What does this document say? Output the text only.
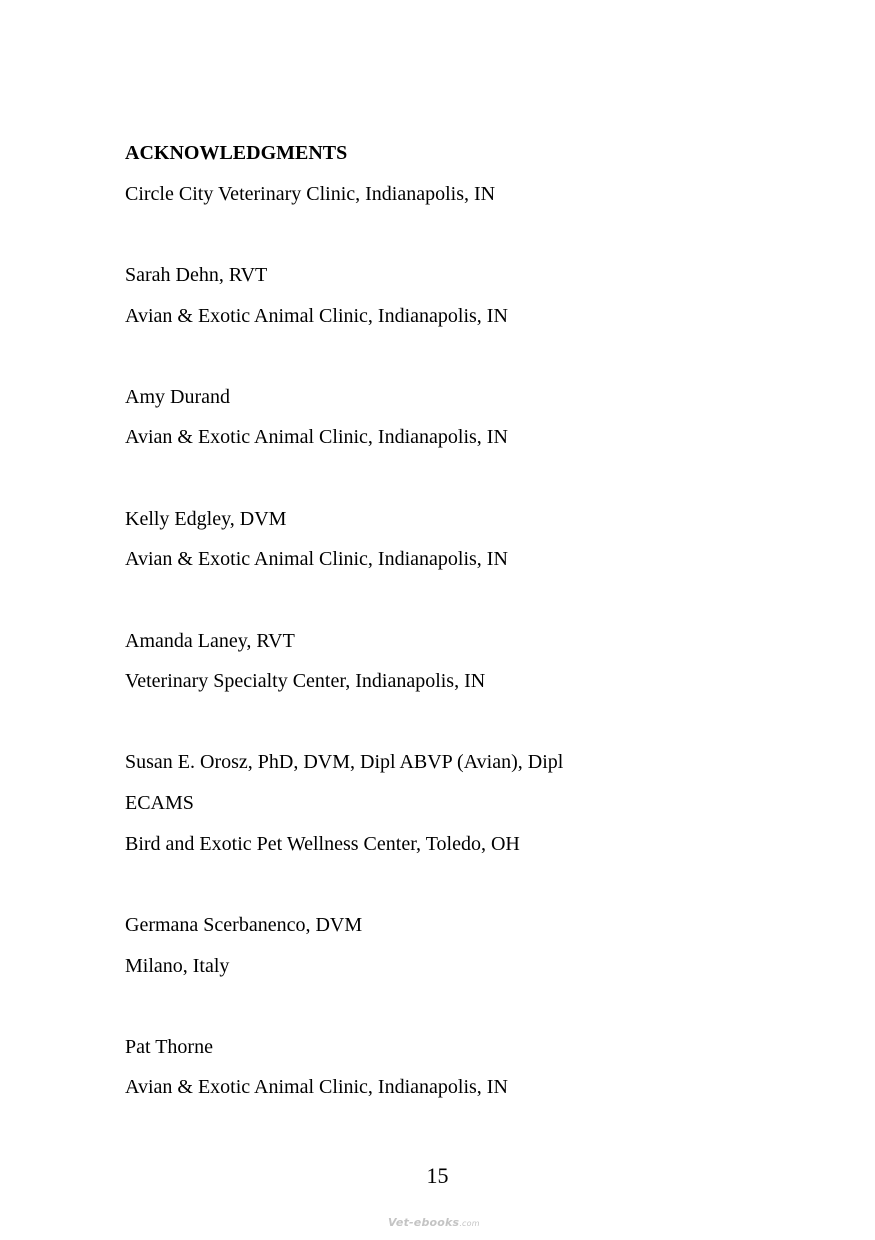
ACKNOWLEDGMENTS
Circle City Veterinary Clinic, Indianapolis, IN
Sarah Dehn, RVT
Avian & Exotic Animal Clinic, Indianapolis, IN
Amy Durand
Avian & Exotic Animal Clinic, Indianapolis, IN
Kelly Edgley, DVM
Avian & Exotic Animal Clinic, Indianapolis, IN
Amanda Laney, RVT
Veterinary Specialty Center, Indianapolis, IN
Susan E. Orosz, PhD, DVM, Dipl ABVP (Avian), Dipl
ECAMS
Bird and Exotic Pet Wellness Center, Toledo, OH
Germana Scerbanenco, DVM
Milano, Italy
Pat Thorne
Avian & Exotic Animal Clinic, Indianapolis, IN
15
Vet-ebooks.com
